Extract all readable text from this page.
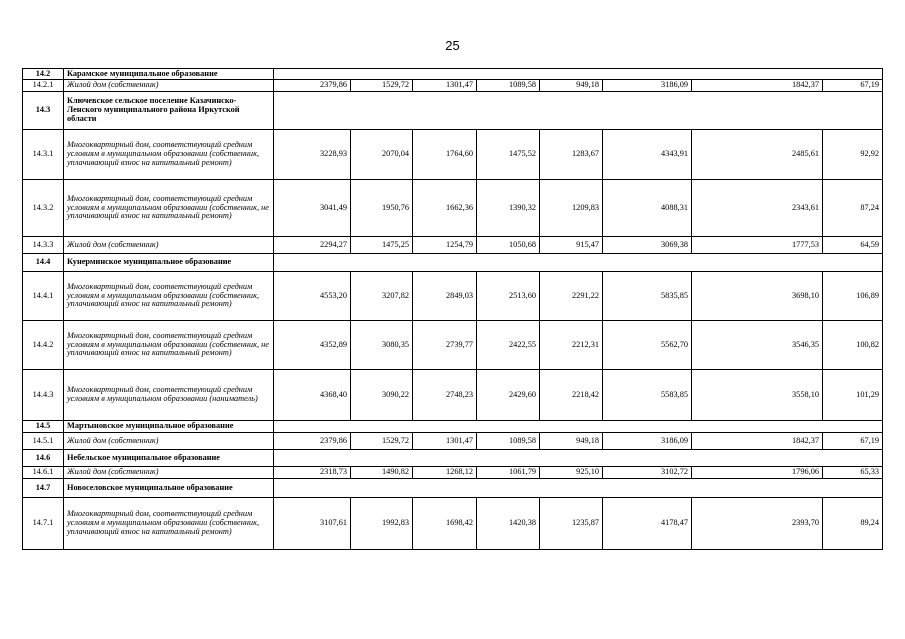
25
14.2	Карамское муниципальное образование								
14.2.1	Жилой дом (собственник)	2379,86	1529,72	1301,47	1089,58	949,18	3186,09	1842,37	67,19
14.3	Ключевское сельское поселение Казачинско-Ленского муниципального района Иркутской области								
14.3.1	Многоквартирный дом, соответствующий средним условиям в муниципальном образовании (собственник, уплачивающий взнос на капитальный ремонт)	3228,93	2070,04	1764,60	1475,52	1283,67	4343,91	2485,61	92,92
14.3.2	Многоквартирный дом, соответствующий средним условиям в муниципальном образовании (собственник, не уплачивающий взнос на капитальный ремонт)	3041,49	1950,76	1662,36	1390,32	1209,83	4088,31	2343,61	87,24
14.3.3	Жилой дом (собственник)	2294,27	1475,25	1254,79	1050,68	915,47	3069,38	1777,53	64,59
14.4	Кунерминское муниципальное образование								
14.4.1	Многоквартирный дом, соответствующий средним условиям в муниципальном образовании (собственник, уплачивающий взнос на капитальный ремонт)	4553,20	3207,82	2849,03	2513,60	2291,22	5835,85	3698,10	106,89
14.4.2	Многоквартирный дом, соответствующий средним условиям в муниципальном образовании (собственник, не уплачивающий взнос на капитальный ремонт)	4352,89	3080,35	2739,77	2422,55	2212,31	5562,70	3546,35	100,82
14.4.3	Многоквартирный дом, соответствующий средним условиям в муниципальном образовании (наниматель)	4368,40	3090,22	2748,23	2429,60	2218,42	5583,85	3558,10	101,29
14.5	Мартыновское муниципальное образование								
14.5.1	Жилой дом (собственник)	2379,86	1529,72	1301,47	1089,58	949,18	3186,09	1842,37	67,19
14.6	Небельское муниципальное образование								
14.6.1	Жилой дом (собственник)	2318,73	1490,82	1268,12	1061,79	925,10	3102,72	1796,06	65,33
14.7	Новоселовское муниципальное образование								
14.7.1	Многоквартирный дом, соответствующий средним условиям в муниципальном образовании (собственник, уплачивающий взнос на капитальный ремонт)	3107,61	1992,83	1698,42	1420,38	1235,87	4178,47	2393,70	89,24
